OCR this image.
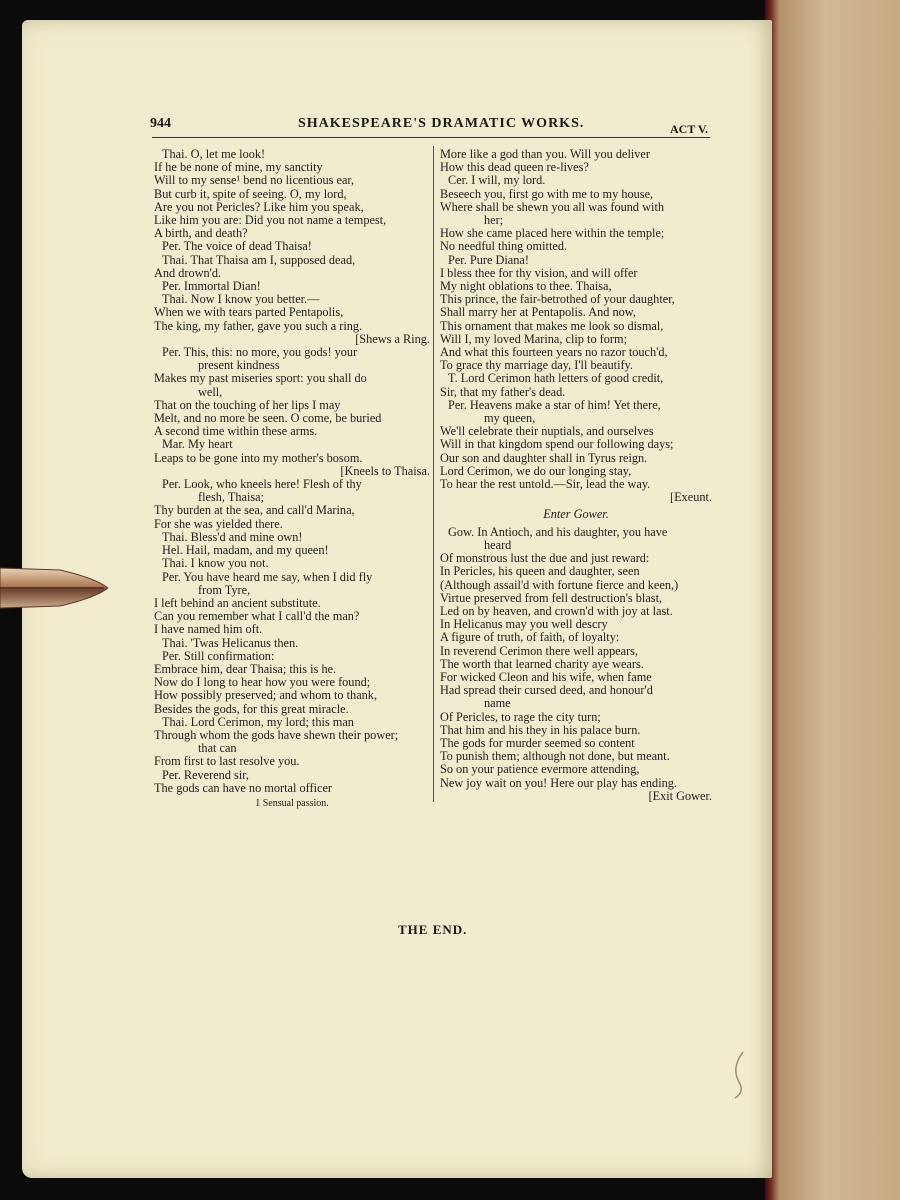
944	SHAKESPEARE'S DRAMATIC WORKS.	ACT V.
Thai. O, let me look!
If he be none of mine, my sanctity
Will to my sense¹ bend no licentious ear,
But curb it, spite of seeing. O, my lord,
Are you not Pericles? Like him you speak,
Like him you are: Did you not name a tempest,
A birth, and death?
Per. The voice of dead Thaisa!
Thai. That Thaisa am I, supposed dead,
And drown'd.
Per. Immortal Dian!
Thai. Now I know you better.—
When we with tears parted Pentapolis,
The king, my father, gave you such a ring.
[Shews a Ring.
Per. This, this: no more, you gods! your
present kindness
Makes my past miseries sport: you shall do
well,
That on the touching of her lips I may
Melt, and no more be seen. O come, be buried
A second time within these arms.
Mar. My heart
Leaps to be gone into my mother's bosom.
[Kneels to Thaisa.
Per. Look, who kneels here! Flesh of thy
flesh, Thaisa;
Thy burden at the sea, and call'd Marina,
For she was yielded there.
Thai. Bless'd and mine own!
Hel. Hail, madam, and my queen!
Thai. I know you not.
Per. You have heard me say, when I did fly
from Tyre,
I left behind an ancient substitute.
Can you remember what I call'd the man?
I have named him oft.
Thai. 'Twas Helicanus then.
Per. Still confirmation:
Embrace him, dear Thaisa; this is he.
Now do I long to hear how you were found;
How possibly preserved; and whom to thank,
Besides the gods, for this great miracle.
Thai. Lord Cerimon, my lord; this man
Through whom the gods have shewn their power;
that can
From first to last resolve you.
Per. Reverend sir,
The gods can have no mortal officer
1 Sensual passion.
More like a god than you. Will you deliver
How this dead queen re-lives?
Cer. I will, my lord.
Beseech you, first go with me to my house,
Where shall be shewn you all was found with
her;
How she came placed here within the temple;
No needful thing omitted.
Per. Pure Diana!
I bless thee for thy vision, and will offer
My night oblations to thee. Thaisa,
This prince, the fair-betrothed of your daughter,
Shall marry her at Pentapolis. And now,
This ornament that makes me look so dismal,
Will I, my loved Marina, clip to form;
And what this fourteen years no razor touch'd,
To grace thy marriage day, I'll beautify.
T. Lord Cerimon hath letters of good credit,
Sir, that my father's dead.
Per. Heavens make a star of him! Yet there,
my queen,
We'll celebrate their nuptials, and ourselves
Will in that kingdom spend our following days;
Our son and daughter shall in Tyrus reign.
Lord Cerimon, we do our longing stay,
To hear the rest untold.—Sir, lead the way.
[Exeunt.
Enter Gower.
Gow. In Antioch, and his daughter, you have
heard
Of monstrous lust the due and just reward:
In Pericles, his queen and daughter, seen
(Although assail'd with fortune fierce and keen,)
Virtue preserved from fell destruction's blast,
Led on by heaven, and crown'd with joy at last.
In Helicanus may you well descry
A figure of truth, of faith, of loyalty:
In reverend Cerimon there well appears,
The worth that learned charity aye wears.
For wicked Cleon and his wife, when fame
Had spread their cursed deed, and honour'd
name
Of Pericles, to rage the city turn;
That him and his they in his palace burn.
The gods for murder seemed so content
To punish them; although not done, but meant.
So on your patience evermore attending,
New joy wait on you! Here our play has ending.
[Exit Gower.
THE END.
